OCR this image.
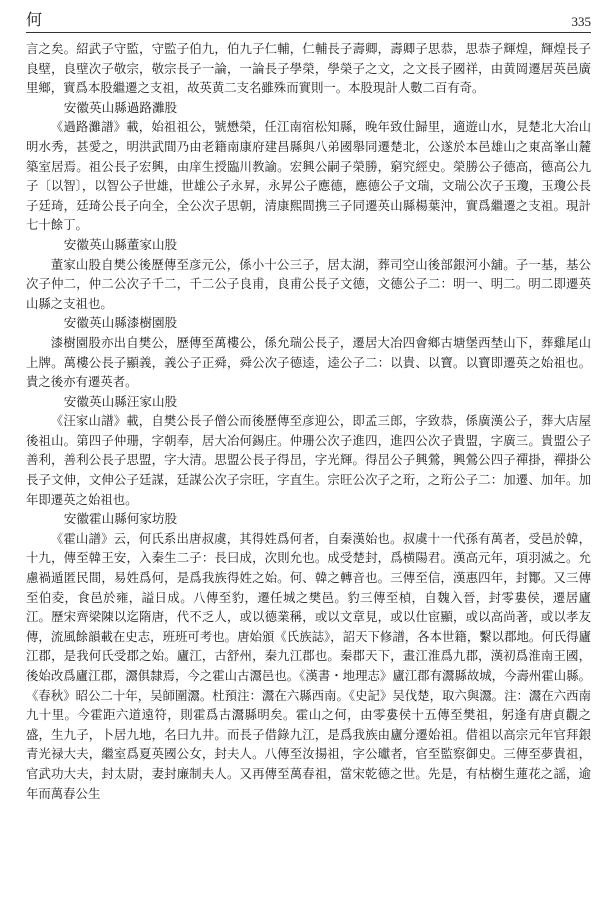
何	335

言之矣。紹武子守監，守監子伯九，伯九子仁輔，仁輔長子壽卿，壽卿子思恭，思恭子輝煌，輝煌長子良壁，良壁次子敬宗，敬宗長子一論，一論長子學榮，學榮子之文，之文長子國祥，由黄岡遷居英邑廣里鄉，實爲本股繼遷之支祖，故英黄二支名雖殊而實則一。本股現計人數二百有奇。

安徽英山縣過路灘股

《過路灘譜》載，始祖祖公，號懋榮，任江南宿松知縣，晚年致仕歸里，適遊山水，見楚北大冶山明水秀，甚愛之，明洪武間乃由老籍南康府建昌縣與八弟國舉同遷楚北，公遂於本邑雄山之東高峯山麓築室居焉。祖公長子宏興，由庠生授臨川教諭。宏興公嗣子榮勝，窮究經史。榮勝公子德高，德高公九子〔以智〕，以智公子世雄，世雄公子永昇，永昇公子應德，應德公子文瑞，文瑞公次子玉瓊，玉瓊公長子廷琦，廷琦公長子向全，全公次子思朝，清康熙間携三子同遷英山縣楊葉沖，實爲繼遷之支祖。現計七十餘丁。

安徽英山縣董家山股

董家山股自樊公後歷傳至彦元公，係小十公三子，居太湖，葬司空山後部銀河小舖。子一基，基公次子仲二，仲二公次子千二，千二公子良甫，良甫公長子文德，文德公子二：明一、明二。明二即遷英山縣之支祖也。

安徽英山縣漆樹園股

漆樹園股亦出自樊公，歷傳至萬樓公，係允瑞公長子，遷居大冶四會鄉古塘堡西埜山下，葬雞尾山上牌。萬樓公長子顯義，義公子正舜，舜公次子德逵，逵公子二：以貴、以寶。以寶即遷英之始祖也。貴之後亦有遷英者。

安徽英山縣汪家山股

《汪家山譜》載，自樊公長子僧公而後歷傳至彦迎公，即孟三郎，字致恭，係廣漢公子，葬大店屋後祖山。第四子仲珊，字朝奉，居大冶何錫庄。仲珊公次子進四，進四公次子貴盟，字廣三。貴盟公子善利，善利公長子思盟，字大清。思盟公長子得旵，字光輝。得旵公子興鶯，興鶯公四子禪掛，禪掛公長子文伸，文伸公子廷謀，廷謀公次子宗旺，字直生。宗旺公次子之珩，之珩公子二：加遷、加年。加年即遷英之始祖也。

安徽霍山縣何家坊股

《霍山譜》云，何氏系出唐叔虞，其得姓爲何者，自秦漢始也。叔虞十一代孫有萬者，受邑於韓，十九，傳至韓王安，入秦生二子：長曰成，次則允也。成受楚封，爲横陽君。漢高元年，項羽滅之。允慮禍遁匿民間，易姓爲何，是爲我族得姓之始。何、韓之轉音也。三傳至信，漢惠四年，封酇。又三傳至伯夌，食邑於雍，謚日成。八傳至豹，遷任城之樊邑。豹三傳至楨，自魏入晉，封零婁侯，遷居廬江。歷宋齊梁陳以迄隋唐，代不乏人，或以德業稱，或以文章見，或以仕宦顯，或以高尚著，或以孝友傳，流風餘韻載在史志，班班可考也。唐始頒《氏族誌》，詔天下修譜，各本世籍，繫以郡地。何氏得廬江郡，是我何氏受郡之始。廬江，古舒州，秦九江郡也。秦郡天下，畫江淮爲九郡，漢初爲淮南王國，後始改爲廬江郡，灊俱隸焉，今之霍山古灊邑也。《漢書・地理志》廬江郡有灊縣故城，今壽州霍山縣。《春秋》昭公二十年，吴師圍灊。杜預注：灊在六縣西南。《史記》吴伐楚，取六與灊。注：灊在六西南九十里。今霍距六道遠符，則霍爲古灊縣明矣。霍山之何，由零婁侯十五傳至樊祖，躬逢有唐貞觀之盛，生九子，卜居九地，名曰九井。而長子借錄九江，是爲我族由廬分遷始祖。借祖以高宗元年官拜銀青光禄大夫，繼室爲夏英國公女，封夫人。八傳至汝揚祖，字公瓛者，官至監察御史。三傳至夢貴祖，官武功大夫，封太尉，妻封廉制夫人。又再傳至萬春祖，當宋乾德之世。先是，有枯樹生蓮花之謡，逾年而萬春公生
